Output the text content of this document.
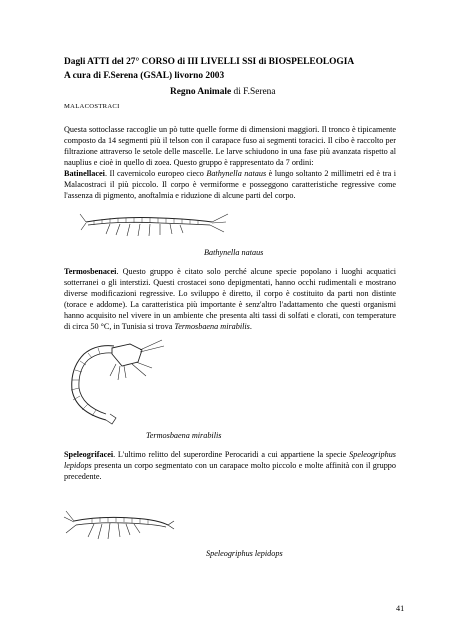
Dagli ATTI del 27° CORSO di III LIVELLI SSI di BIOSPELEOLOGIA
A cura di F.Serena (GSAL) livorno 2003
Regno Animale di F.Serena
MALACOSTRACI
Questa sottoclasse raccoglie un pò tutte quelle forme di dimensioni maggiori. Il tronco è tipicamente composto da 14 segmenti più il telson con il carapace fuso ai segmenti toracici. Il cibo è raccolto per filtrazione attraverso le setole delle mascelle. Le larve schiudono in una fase più avanzata rispetto al nauplius e cioè in quello di zoea. Questo gruppo è rappresentato da 7 ordini:
Batinellacei. Il cavernicolo europeo cieco Bathynella nataus è lungo soltanto 2 millimetri ed è tra i Malacostraci il più piccolo. Il corpo è vermiforme e posseggono caratteristiche regressive come l'assenza di pigmento, anoftalmia e riduzione di alcune parti del corpo.
Bathynella nataus
Termosbenacei. Questo gruppo è citato solo perché alcune specie popolano i luoghi acquatici sotterranei o gli interstizi. Questi crostacei sono depigmentati, hanno occhi rudimentali e mostrano diverse modificazioni regressive. Lo sviluppo è diretto, il corpo è costituito da parti non distinte (torace e addome). La caratteristica più importante è senz'altro l'adattamento che questi organismi hanno acquisito nel vivere in un ambiente che presenta alti tassi di solfati e clorati, con temperature di circa 50 °C, in Tunisia si trova Termosbaena mirabilis.
Termosbaena mirabilis
Speleogrifacei. L'ultimo relitto del superordine Perocaridi a cui appartiene la specie Speleogriphus lepidops presenta un corpo segmentato con un carapace molto piccolo e molte affinità con il gruppo precedente.
Speleogriphus lepidops
41
